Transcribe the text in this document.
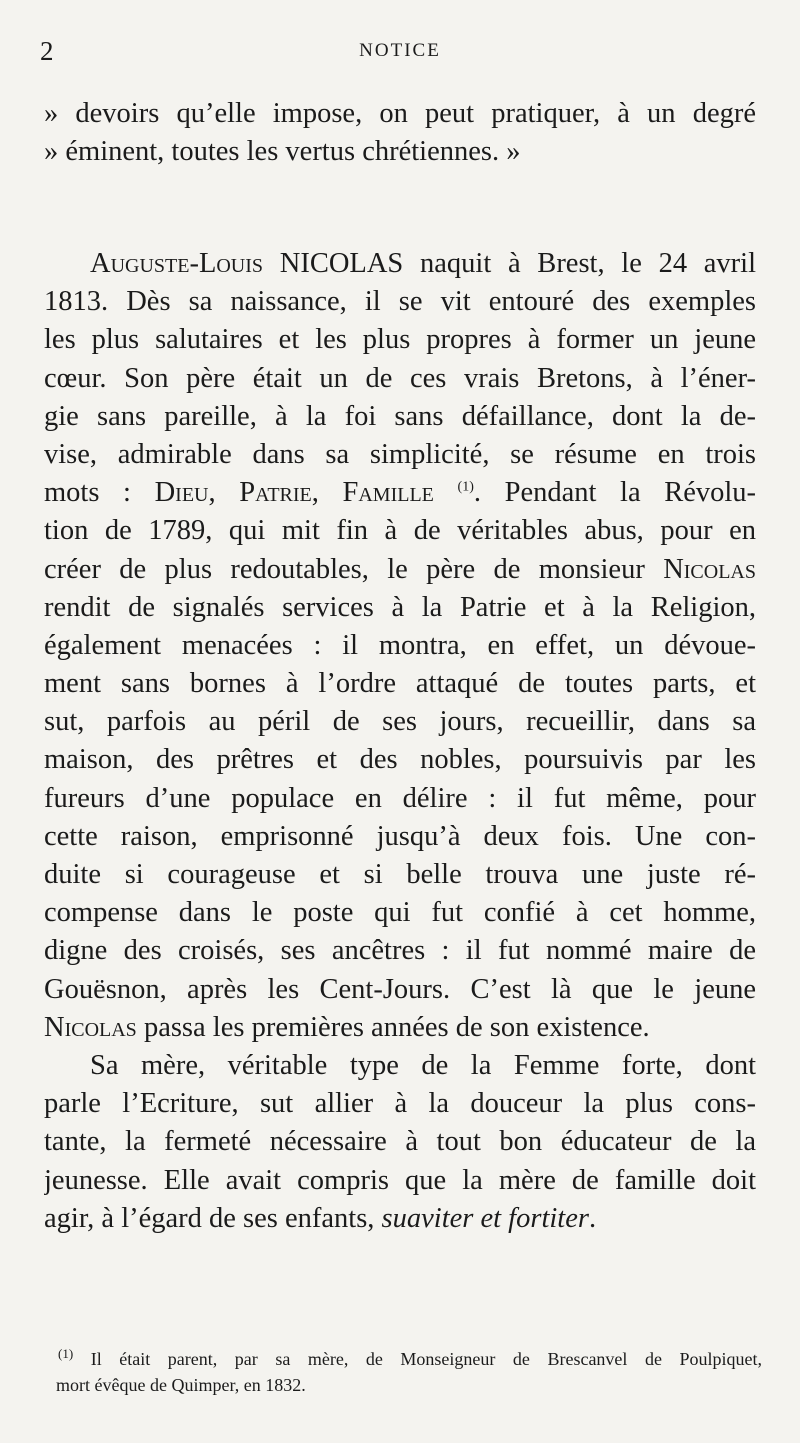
2	NOTICE
» devoirs qu’elle impose, on peut pratiquer, à un degré
» éminent, toutes les vertus chrétiennes. »
Auguste-Louis NICOLAS naquit à Brest, le 24 avril
1813. Dès sa naissance, il se vit entouré des exemples
les plus salutaires et les plus propres à former un jeune
cœur. Son père était un de ces vrais Bretons, à l’éner-
gie sans pareille, à la foi sans défaillance, dont la de-
vise, admirable dans sa simplicité, se résume en trois
mots : Dieu, Patrie, Famille $^{(1)}$. Pendant la Révolu-
tion de 1789, qui mit fin à de véritables abus, pour en
créer de plus redoutables, le père de monsieur Nicolas
rendit de signalés services à la Patrie et à la Religion,
également menacées : il montra, en effet, un dévoue-
ment sans bornes à l’ordre attaqué de toutes parts, et
sut, parfois au péril de ses jours, recueillir, dans sa
maison, des prêtres et des nobles, poursuivis par les
fureurs d’une populace en délire : il fut même, pour
cette raison, emprisonné jusqu’à deux fois. Une con-
duite si courageuse et si belle trouva une juste ré-
compense dans le poste qui fut confié à cet homme,
digne des croisés, ses ancêtres : il fut nommé maire de
Gouësnon, après les Cent-Jours. C’est là que le jeune
Nicolas passa les premières années de son existence.
Sa mère, véritable type de la Femme forte, dont
parle l’Ecriture, sut allier à la douceur la plus cons-
tante, la fermeté nécessaire à tout bon éducateur de la
jeunesse. Elle avait compris que la mère de famille doit
agir, à l’égard de ses enfants, suaviter et fortiter.
$^{(1)}$ Il était parent, par sa mère, de Monseigneur de Brescanvel de Poulpiquet,
mort évêque de Quimper, en 1832.
